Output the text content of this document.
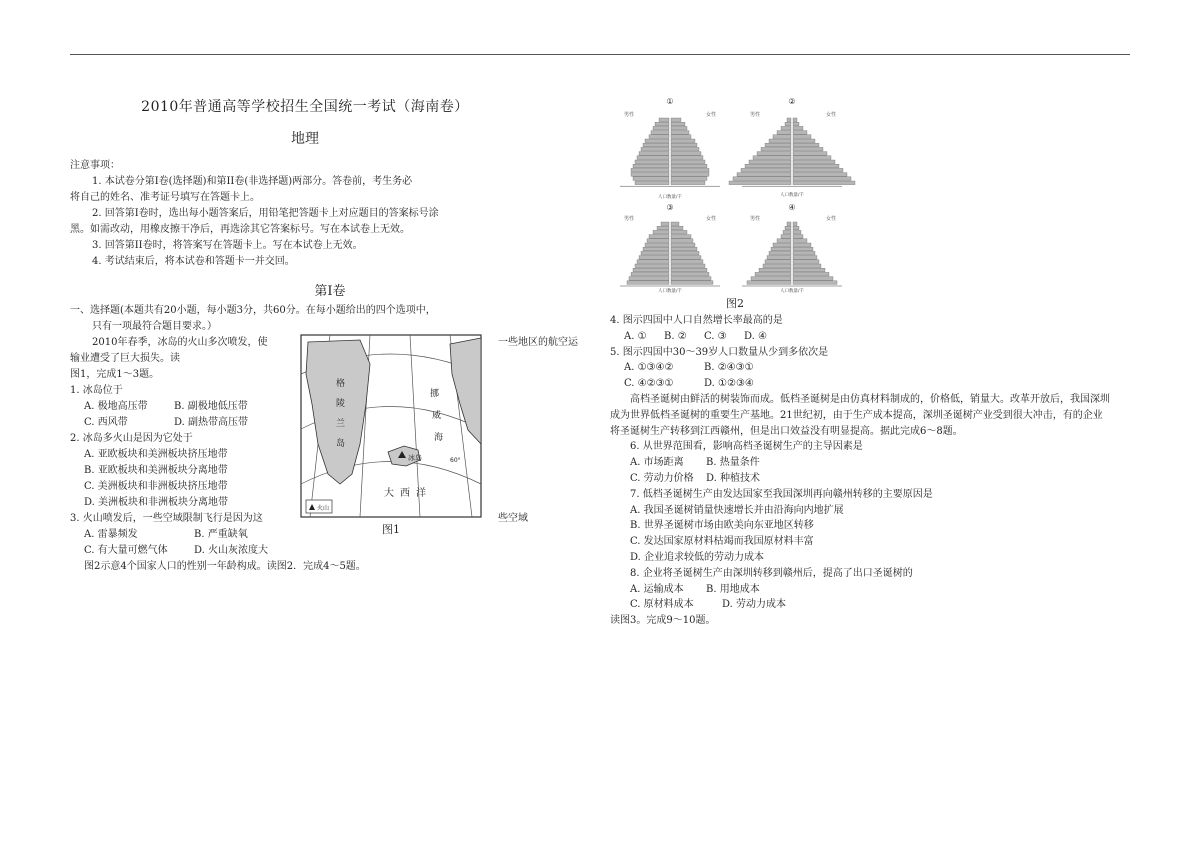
2010年普通高等学校招生全国统一考试（海南卷）
地理
注意事项：
1. 本试卷分第Ⅰ卷(选择题)和第II卷(非选择题)两部分。答卷前，考生务必
将自己的姓名、准考证号填写在答题卡上。
2. 回答第Ⅰ卷时，选出每小题答案后，用铅笔把答题卡上对应题目的答案标号涂
黑。如需改动，用橡皮擦干净后，再选涂其它答案标号。写在本试卷上无效。
3. 回答第II卷时，将答案写在答题卡上。写在本试卷上无效。
4. 考试结束后，将本试卷和答题卡一并交回。
第Ⅰ卷
一、选择题(本题共有20小题，每小题3分，共60分。在每小题给出的四个选项中，
只有一项最符合题目要求。）
2010年春季，冰岛的火山多次喷发，使	一些地区的航空运
输业遭受了巨大损失。读
图1，完成1～3题。
1. 冰岛位于
A. 极地高压带	B. 副极地低压带
C. 西风带	D. 副热带高压带
2. 冰岛多火山是因为它处于
A. 亚欧板块和美洲板块挤压地带
B. 亚欧板块和美洲板块分离地带
C. 美洲板块和非洲板块挤压地带
D. 美洲板块和非洲板块分离地带
3. 火山喷发后，一些空域限制飞行是因为这	些空域
A. 雷暴频发	B. 严重缺氧
C. 有大量可燃气体	D. 火山灰浓度大
图2示意4个国家人口的性别一年龄构成。读图2．完成4～5题。
火山
格
陵
兰
岛
挪
威
海
冰岛
大西洋
60°
图1
①	②
③	④
男性	女性	男性	女性
男性	女性	男性	女性
人口数量/千	人口数量/千
人口数量/千	人口数量/千
图2
4. 图示四国中人口自然增长率最高的是
A. ① B. ② C. ③ D. ④
5. 图示四国中30～39岁人口数量从少到多依次是
A. ①③④②	B. ②④③①
C. ④②③①	D. ①②③④
高档圣诞树由鲜活的树装饰而成。低档圣诞树是由仿真材料制成的，价格低，销量大。改革开放后，我国深圳
成为世界低档圣诞树的重要生产基地。21世纪初，由于生产成本提高，深圳圣诞树产业受到很大冲击，有的企业
将圣诞树生产转移到江西赣州，但是出口效益没有明显提高。据此完成6～8题。
6. 从世界范围看，影响高档圣诞树生产的主导因素是
A. 市场距离 B. 热量条件
C. 劳动力价格 D. 种植技术
7. 低档圣诞树生产由发达国家至我国深圳再向赣州转移的主要原因是
A. 我国圣诞树销量快速增长并由沿海向内地扩展
B. 世界圣诞树市场由欧美向东亚地区转移
C. 发达国家原材料枯竭而我国原材料丰富
D. 企业追求较低的劳动力成本
8. 企业将圣诞树生产由深圳转移到赣州后，提高了出口圣诞树的
A. 运输成本 B. 用地成本
C. 原材料成本	D. 劳动力成本
读图3。完成9～10题。
